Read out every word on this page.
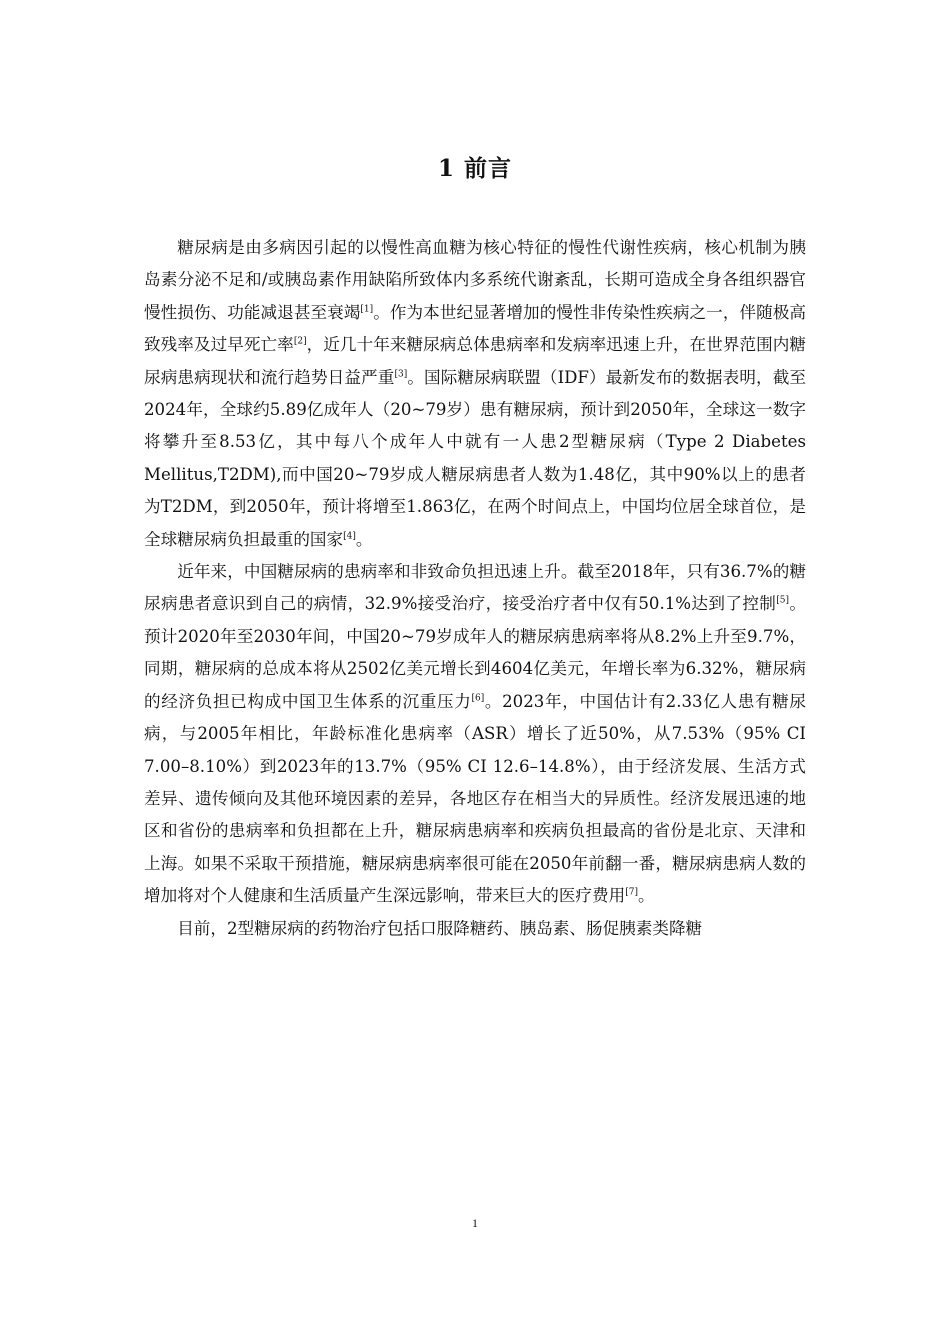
1 前言

糖尿病是由多病因引起的以慢性高血糖为核心特征的慢性代谢性疾病，核心机制为胰岛素分泌不足和/或胰岛素作用缺陷所致体内多系统代谢紊乱，长期可造成全身各组织器官慢性损伤、功能减退甚至衰竭[1]。作为本世纪显著增加的慢性非传染性疾病之一，伴随极高致残率及过早死亡率[2]，近几十年来糖尿病总体患病率和发病率迅速上升，在世界范围内糖尿病患病现状和流行趋势日益严重[3]。国际糖尿病联盟（IDF）最新发布的数据表明，截至2024年，全球约5.89亿成年人（20~79岁）患有糖尿病，预计到2050年，全球这一数字将攀升至8.53亿，其中每八个成年人中就有一人患2型糖尿病（Type 2 Diabetes Mellitus,T2DM),而中国20~79岁成人糖尿病患者人数为1.48亿，其中90%以上的患者为T2DM，到2050年，预计将增至1.863亿，在两个时间点上，中国均位居全球首位，是全球糖尿病负担最重的国家[4]。

近年来，中国糖尿病的患病率和非致命负担迅速上升。截至2018年，只有36.7%的糖尿病患者意识到自己的病情，32.9%接受治疗，接受治疗者中仅有50.1%达到了控制[5]。预计2020年至2030年间，中国20~79岁成年人的糖尿病患病率将从8.2%上升至9.7%，同期，糖尿病的总成本将从2502亿美元增长到4604亿美元，年增长率为6.32%，糖尿病的经济负担已构成中国卫生体系的沉重压力[6]。2023年，中国估计有2.33亿人患有糖尿病，与2005年相比，年龄标准化患病率（ASR）增长了近50%，从7.53%（95% CI 7.00–8.10%）到2023年的13.7%（95% CI 12.6–14.8%），由于经济发展、生活方式差异、遗传倾向及其他环境因素的差异，各地区存在相当大的异质性。经济发展迅速的地区和省份的患病率和负担都在上升，糖尿病患病率和疾病负担最高的省份是北京、天津和上海。如果不采取干预措施，糖尿病患病率很可能在2050年前翻一番，糖尿病患病人数的增加将对个人健康和生活质量产生深远影响，带来巨大的医疗费用[7]。

目前，2型糖尿病的药物治疗包括口服降糖药、胰岛素、肠促胰素类降糖

1
